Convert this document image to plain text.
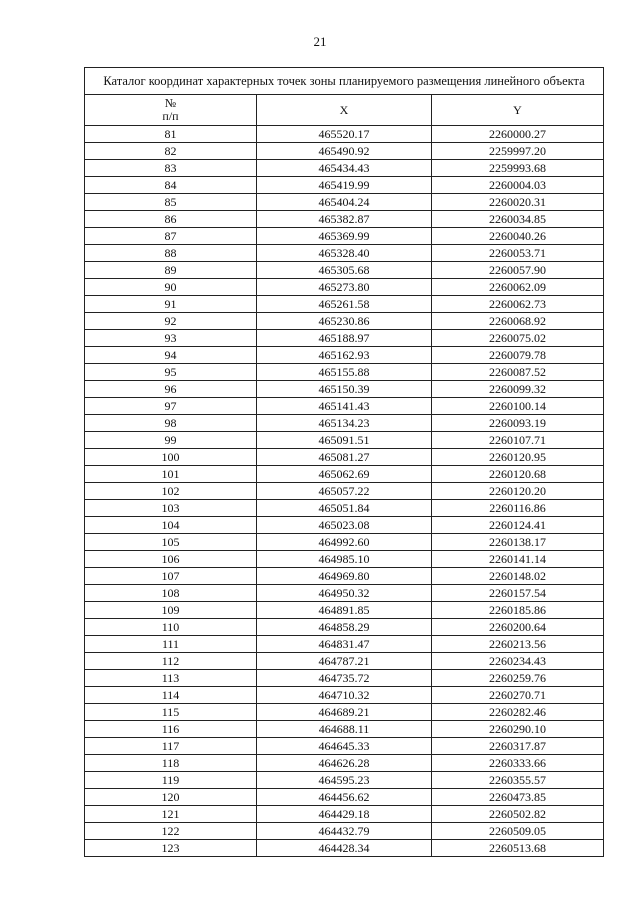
21
Каталог координат характерных точек зоны планируемого размещения линейного объекта		
№
п/п	X	Y
81	465520.17	2260000.27
82	465490.92	2259997.20
83	465434.43	2259993.68
84	465419.99	2260004.03
85	465404.24	2260020.31
86	465382.87	2260034.85
87	465369.99	2260040.26
88	465328.40	2260053.71
89	465305.68	2260057.90
90	465273.80	2260062.09
91	465261.58	2260062.73
92	465230.86	2260068.92
93	465188.97	2260075.02
94	465162.93	2260079.78
95	465155.88	2260087.52
96	465150.39	2260099.32
97	465141.43	2260100.14
98	465134.23	2260093.19
99	465091.51	2260107.71
100	465081.27	2260120.95
101	465062.69	2260120.68
102	465057.22	2260120.20
103	465051.84	2260116.86
104	465023.08	2260124.41
105	464992.60	2260138.17
106	464985.10	2260141.14
107	464969.80	2260148.02
108	464950.32	2260157.54
109	464891.85	2260185.86
110	464858.29	2260200.64
111	464831.47	2260213.56
112	464787.21	2260234.43
113	464735.72	2260259.76
114	464710.32	2260270.71
115	464689.21	2260282.46
116	464688.11	2260290.10
117	464645.33	2260317.87
118	464626.28	2260333.66
119	464595.23	2260355.57
120	464456.62	2260473.85
121	464429.18	2260502.82
122	464432.79	2260509.05
123	464428.34	2260513.68
